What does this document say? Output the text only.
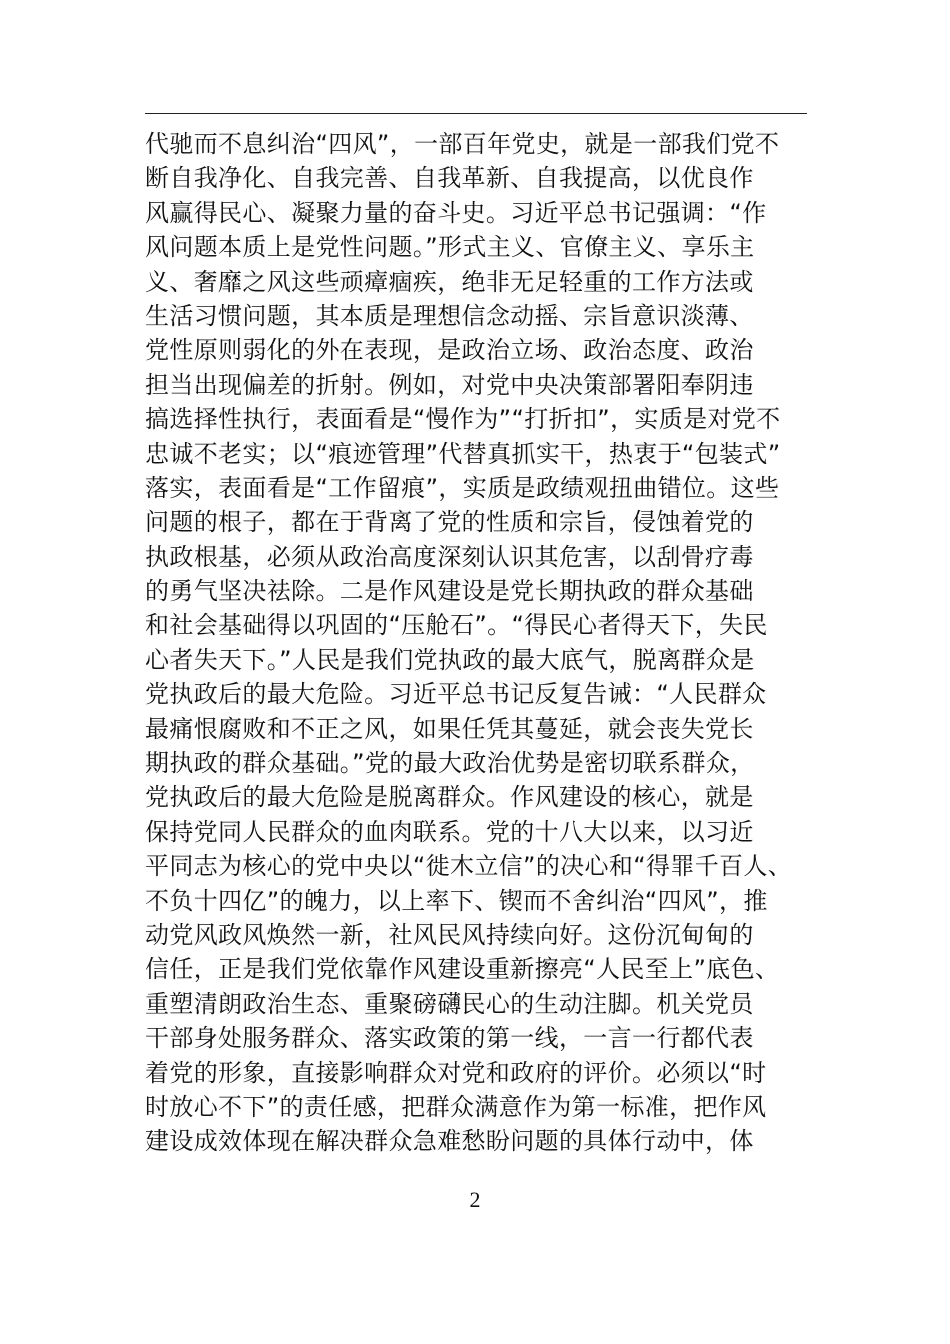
代驰而不息纠治“四风”，一部百年党史，就是一部我们党不
断自我净化、自我完善、自我革新、自我提高，以优良作
风赢得民心、凝聚力量的奋斗史。习近平总书记强调：“作
风问题本质上是党性问题。”形式主义、官僚主义、享乐主
义、奢靡之风这些顽瘴痼疾，绝非无足轻重的工作方法或
生活习惯问题，其本质是理想信念动摇、宗旨意识淡薄、
党性原则弱化的外在表现，是政治立场、政治态度、政治
担当出现偏差的折射。例如，对党中央决策部署阳奉阴违
搞选择性执行，表面看是“慢作为”“打折扣”，实质是对党不
忠诚不老实；以“痕迹管理”代替真抓实干，热衷于“包装式”
落实，表面看是“工作留痕”，实质是政绩观扭曲错位。这些
问题的根子，都在于背离了党的性质和宗旨，侵蚀着党的
执政根基，必须从政治高度深刻认识其危害，以刮骨疗毒
的勇气坚决祛除。二是作风建设是党长期执政的群众基础
和社会基础得以巩固的“压舱石”。“得民心者得天下，失民
心者失天下。”人民是我们党执政的最大底气，脱离群众是
党执政后的最大危险。习近平总书记反复告诫：“人民群众
最痛恨腐败和不正之风，如果任凭其蔓延，就会丧失党长
期执政的群众基础。”党的最大政治优势是密切联系群众，
党执政后的最大危险是脱离群众。作风建设的核心，就是
保持党同人民群众的血肉联系。党的十八大以来，以习近
平同志为核心的党中央以“徙木立信”的决心和“得罪千百人、
不负十四亿”的魄力，以上率下、锲而不舍纠治“四风”，推
动党风政风焕然一新，社风民风持续向好。这份沉甸甸的
信任，正是我们党依靠作风建设重新擦亮“人民至上”底色、
重塑清朗政治生态、重聚磅礴民心的生动注脚。机关党员
干部身处服务群众、落实政策的第一线，一言一行都代表
着党的形象，直接影响群众对党和政府的评价。必须以“时
时放心不下”的责任感，把群众满意作为第一标准，把作风
建设成效体现在解决群众急难愁盼问题的具体行动中，体
2
